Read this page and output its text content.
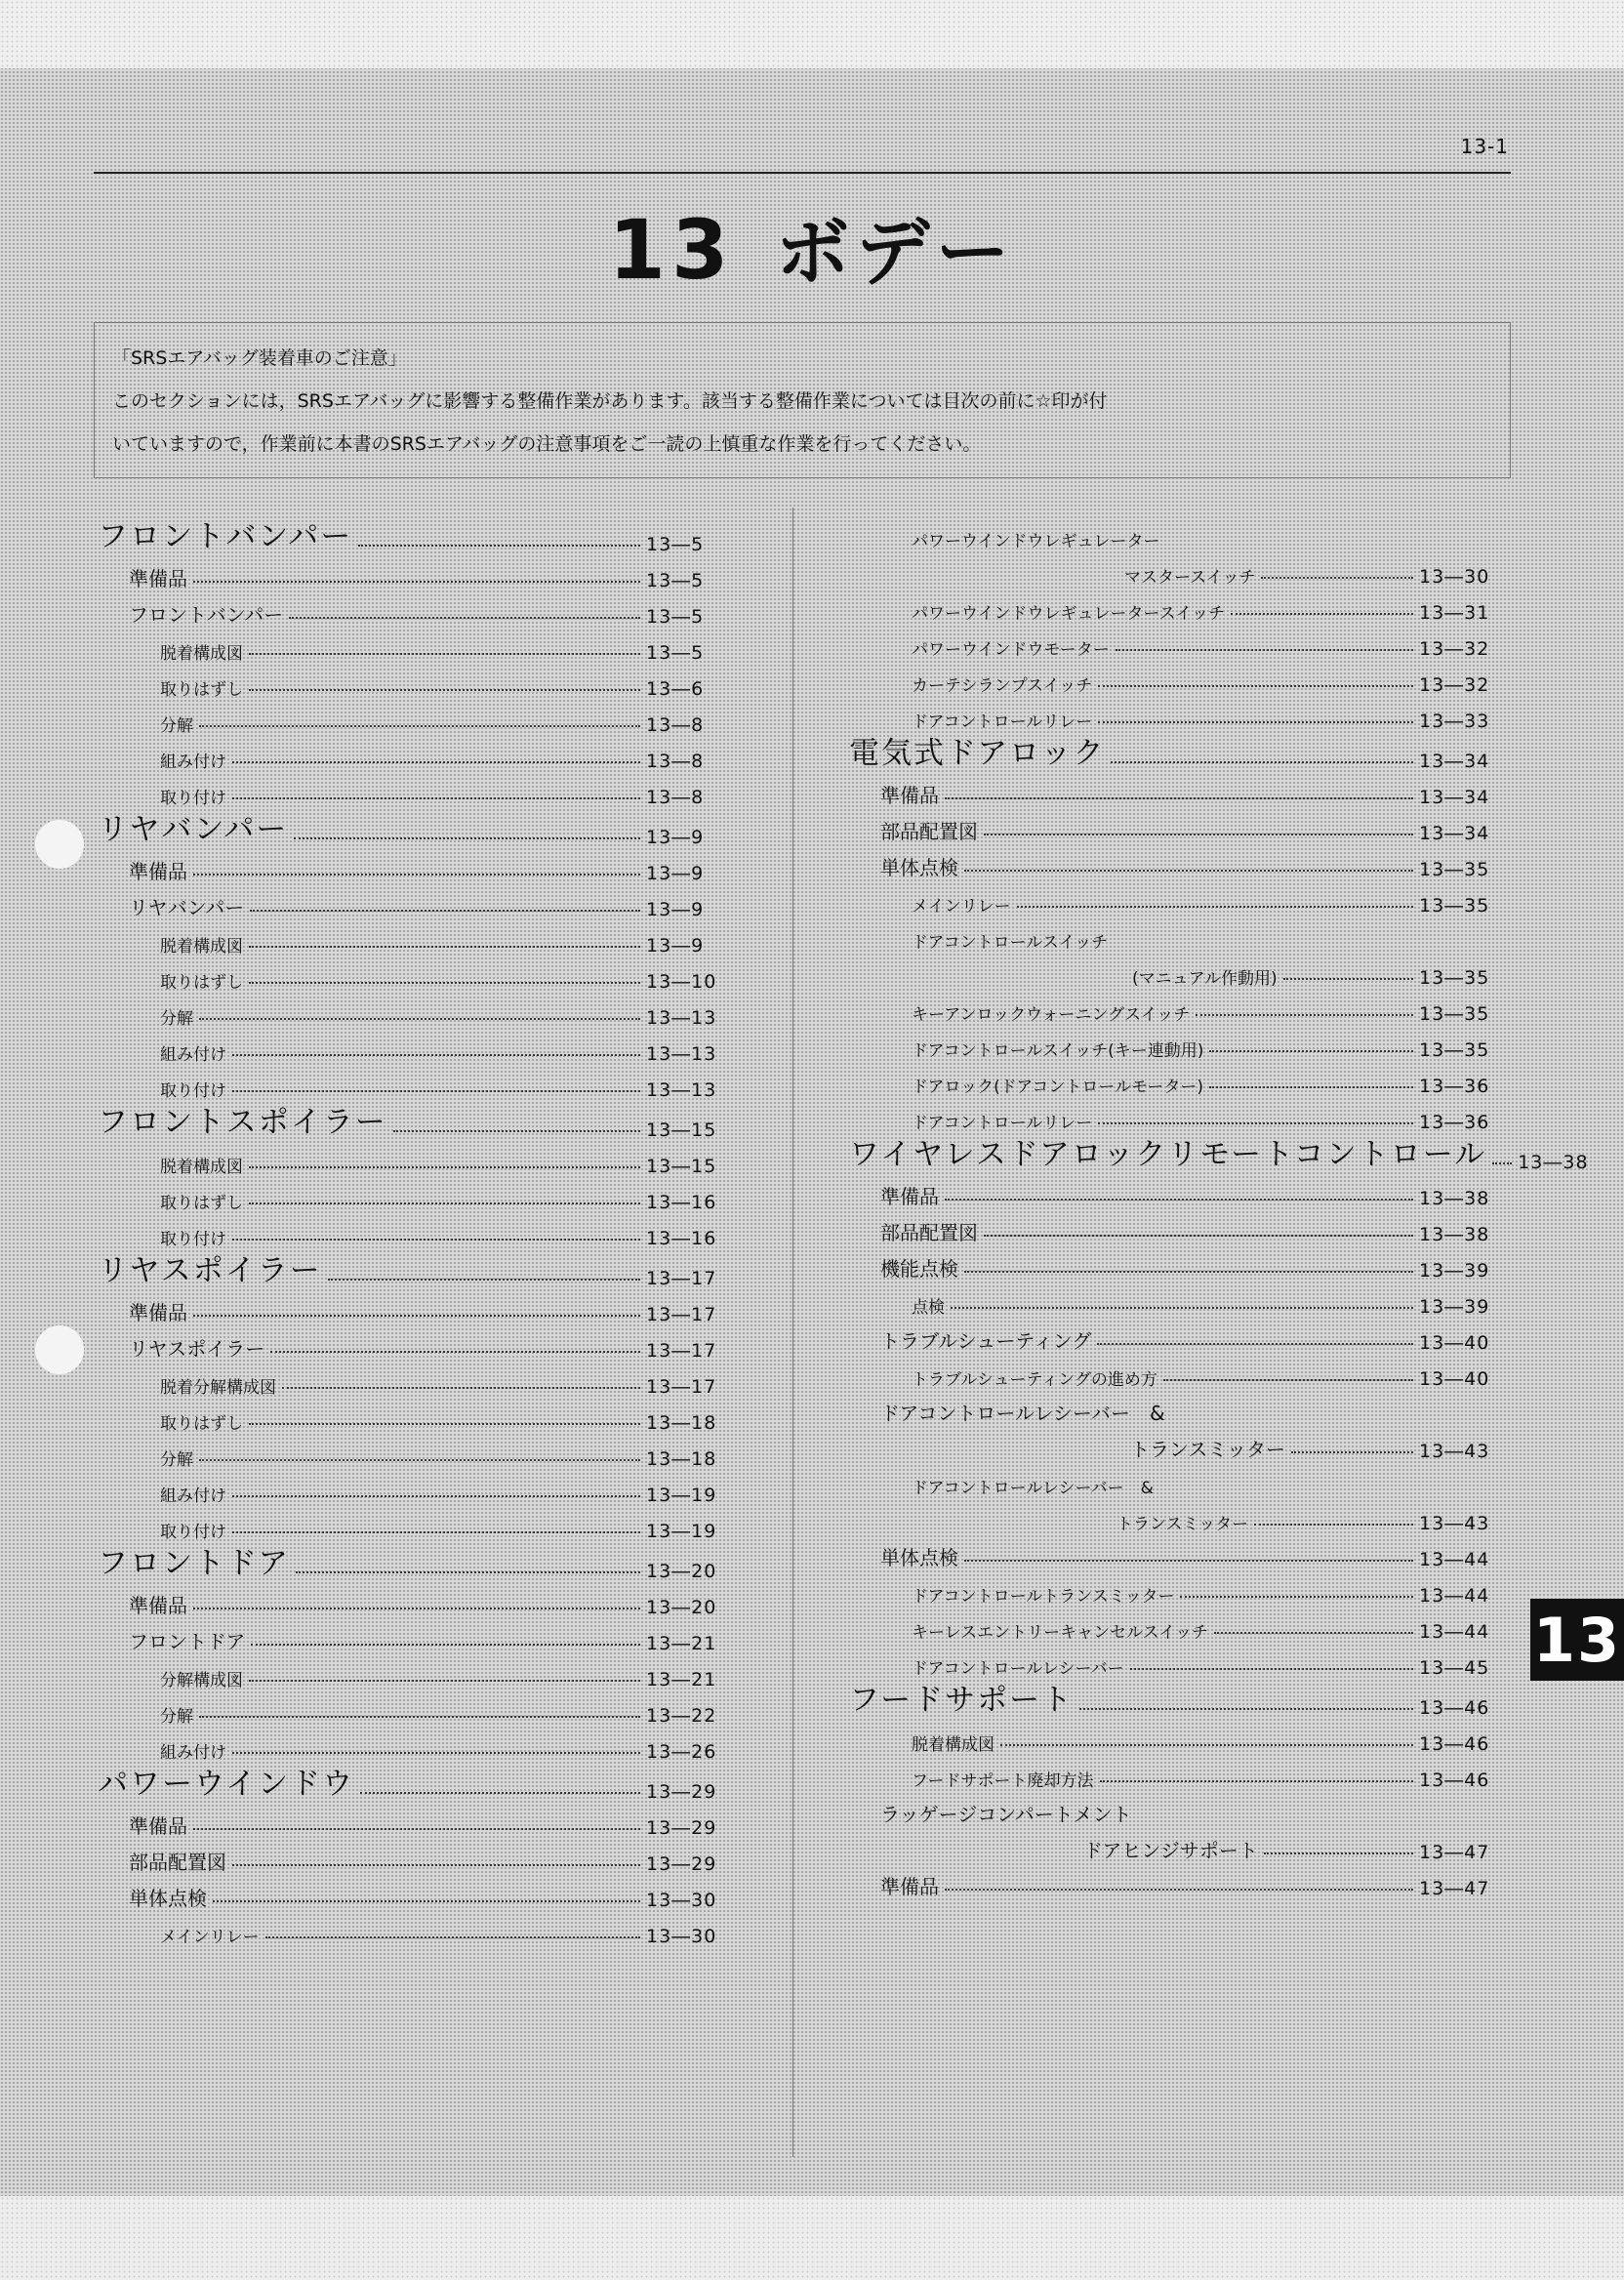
13-1
13 ボデー
「SRSエアバッグ装着車のご注意」
このセクションには，SRSエアバッグに影響する整備作業があります。該当する整備作業については目次の前に☆印が付
いていますので，作業前に本書のSRSエアバッグの注意事項をご一読の上慎重な作業を行ってください。
フロントバンパー	13―5
準備品	13―5
フロントバンパー	13―5
脱着構成図	13―5
取りはずし	13―6
分解	13―8
組み付け	13―8
取り付け	13―8
リヤバンパー	13―9
準備品	13―9
リヤバンパー	13―9
脱着構成図	13―9
取りはずし	13―10
分解	13―13
組み付け	13―13
取り付け	13―13
フロントスポイラー	13―15
脱着構成図	13―15
取りはずし	13―16
取り付け	13―16
リヤスポイラー	13―17
準備品	13―17
リヤスポイラー	13―17
脱着分解構成図	13―17
取りはずし	13―18
分解	13―18
組み付け	13―19
取り付け	13―19
フロントドア	13―20
準備品	13―20
フロントドア	13―21
分解構成図	13―21
分解	13―22
組み付け	13―26
パワーウインドウ	13―29
準備品	13―29
部品配置図	13―29
単体点検	13―30
メインリレー	13―30
パワーウインドウレギュレーター
マスタースイッチ	13―30
パワーウインドウレギュレータースイッチ	13―31
パワーウインドウモーター	13―32
カーテシランプスイッチ	13―32
ドアコントロールリレー	13―33
電気式ドアロック	13―34
準備品	13―34
部品配置図	13―34
単体点検	13―35
メインリレー	13―35
ドアコントロールスイッチ
(マニュアル作動用)	13―35
キーアンロックウォーニングスイッチ	13―35
ドアコントロールスイッチ(キー連動用)	13―35
ドアロック(ドアコントロールモーター)	13―36
ドアコントロールリレー	13―36
ワイヤレスドアロックリモートコントロール 13―38
準備品	13―38
部品配置図	13―38
機能点検	13―39
点検	13―39
トラブルシューティング	13―40
トラブルシューティングの進め方	13―40
ドアコントロールレシーバー　&
トランスミッター	13―43
ドアコントロールレシーバー　&
トランスミッター	13―43
単体点検	13―44
ドアコントロールトランスミッター	13―44
キーレスエントリーキャンセルスイッチ	13―44
ドアコントロールレシーバー	13―45
フードサポート	13―46
脱着構成図	13―46
フードサポート廃却方法	13―46
ラッゲージコンパートメント
ドアヒンジサポート	13―47
準備品	13―47
13
